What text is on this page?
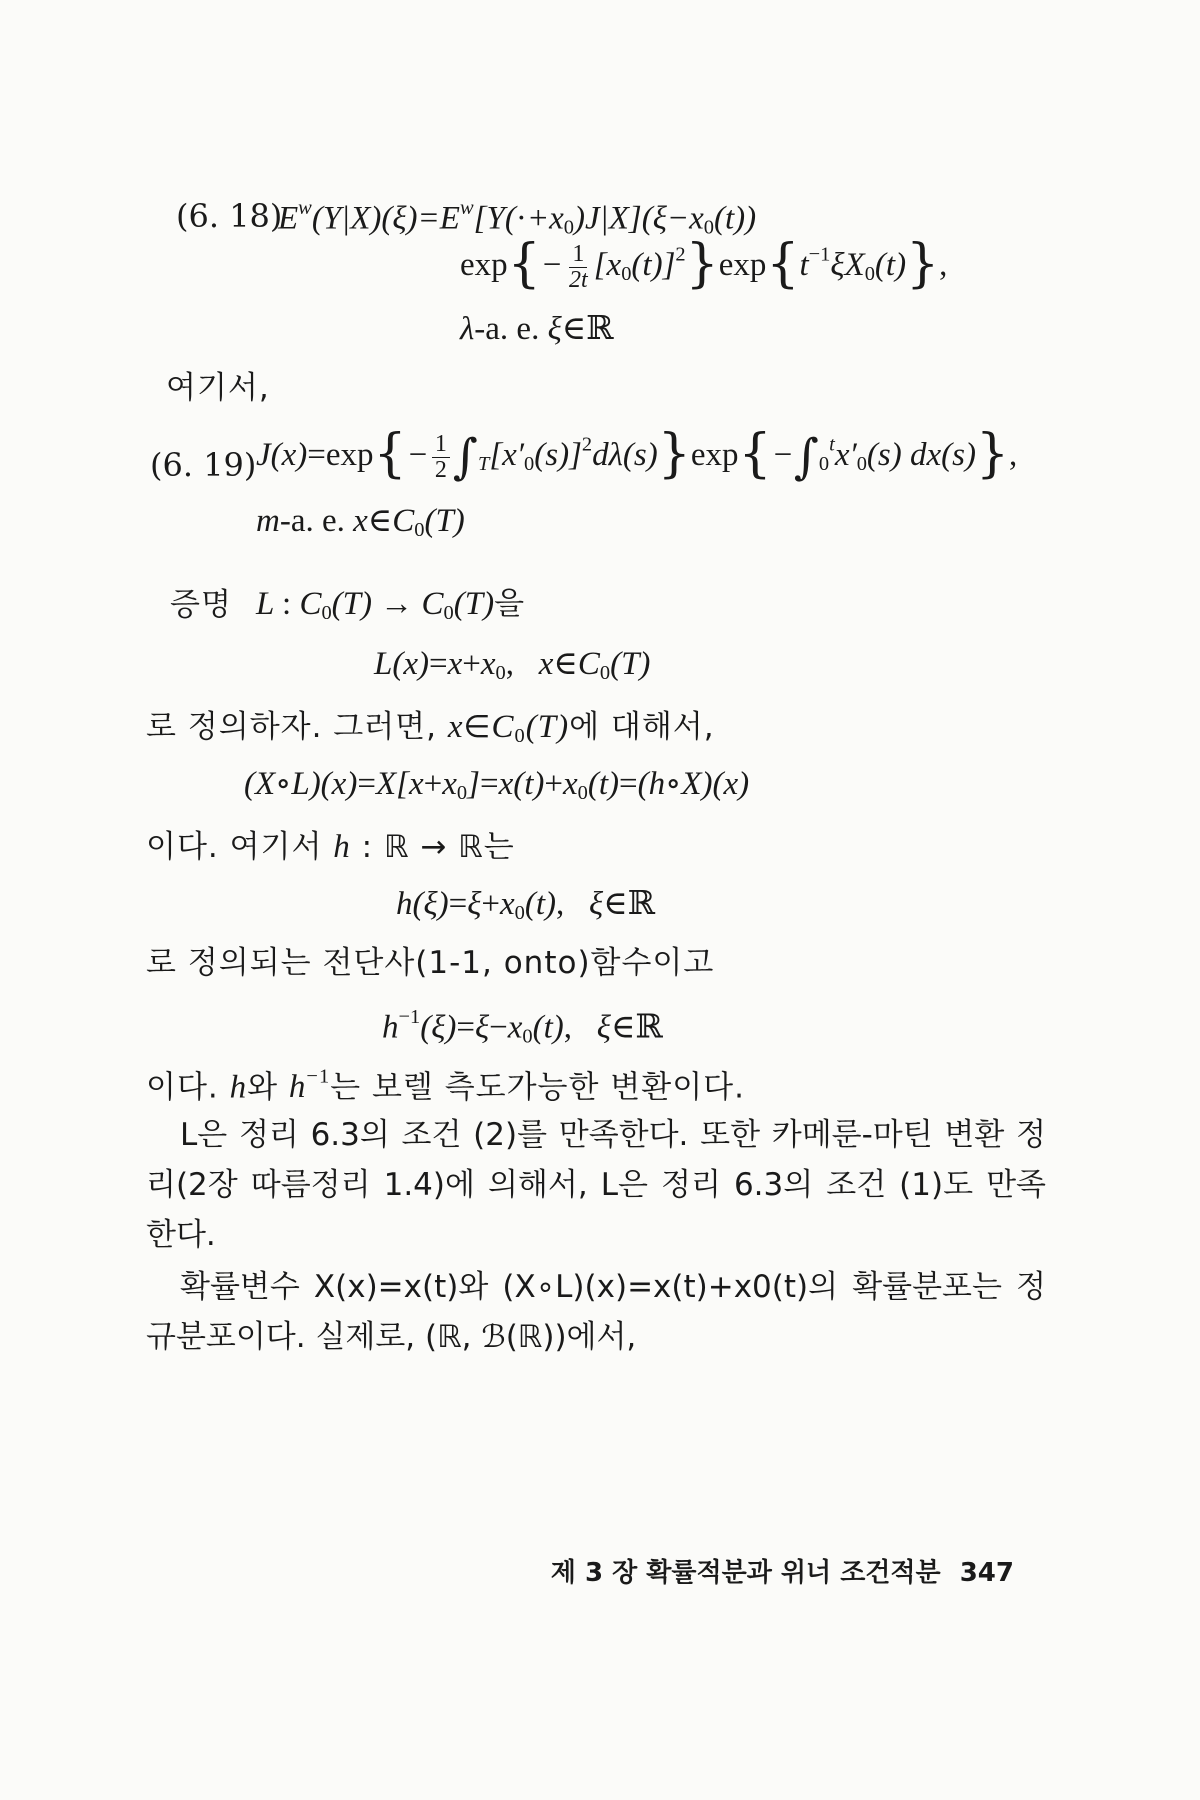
(6. 18)
$E^w(Y|X)(\xi)=E^w[Y(\cdot+x_0)J|X](\xi-x_0(t))$
$\exp\{- \frac{1}{2t} [x_0(t)]^2\}\exp\{t^{-1}\xi X_0(t)\}$,
λ-a. e. ξ∈ℝ
여기서,
(6. 19) $J(x)=\exp\{- \frac{1}{2} \int_T[x'_0(s)]^2d\lambda(s)\}\exp\{-\int_0^tx'_0(s)$ dx(s)},
m-a. e. $x\in C_0(T)$
증명 L : $C_0(T) \to C_0(T)$을
$L(x)=x+x_0$,   $x\in C_0(T)$
로 정의하자. 그러면, $x\in C_0(T)$에 대해서,
$(X\circ L)(x)=X[x+x_0]=x(t)+x_0(t)=(h\circ X)(x)$
이다. 여기서 h : ℝ → ℝ는
$h(\xi)=\xi+x_0(t)$,   ξ∈ℝ
로 정의되는 전단사(1-1, onto)함수이고
$h^{-1}(\xi)=\xi-x_0(t)$,   ξ∈ℝ
이다. h와 $h^{-1}$는 보렐 측도가능한 변환이다.

L은 정리 6.3의 조건 (2)를 만족한다. 또한 카메룬-마틴 변환 정리(2장 따름정리 1.4)에 의해서, L은 정리 6.3의 조건 (1)도 만족한다.

확률변수 X(x)=x(t)와 (X∘L)(x)=x(t)+x0(t)의 확률분포는 정규분포이다. 실제로, (ℝ, ℬ(ℝ))에서,

제 3 장 확률적분과 위너 조건적분 347
